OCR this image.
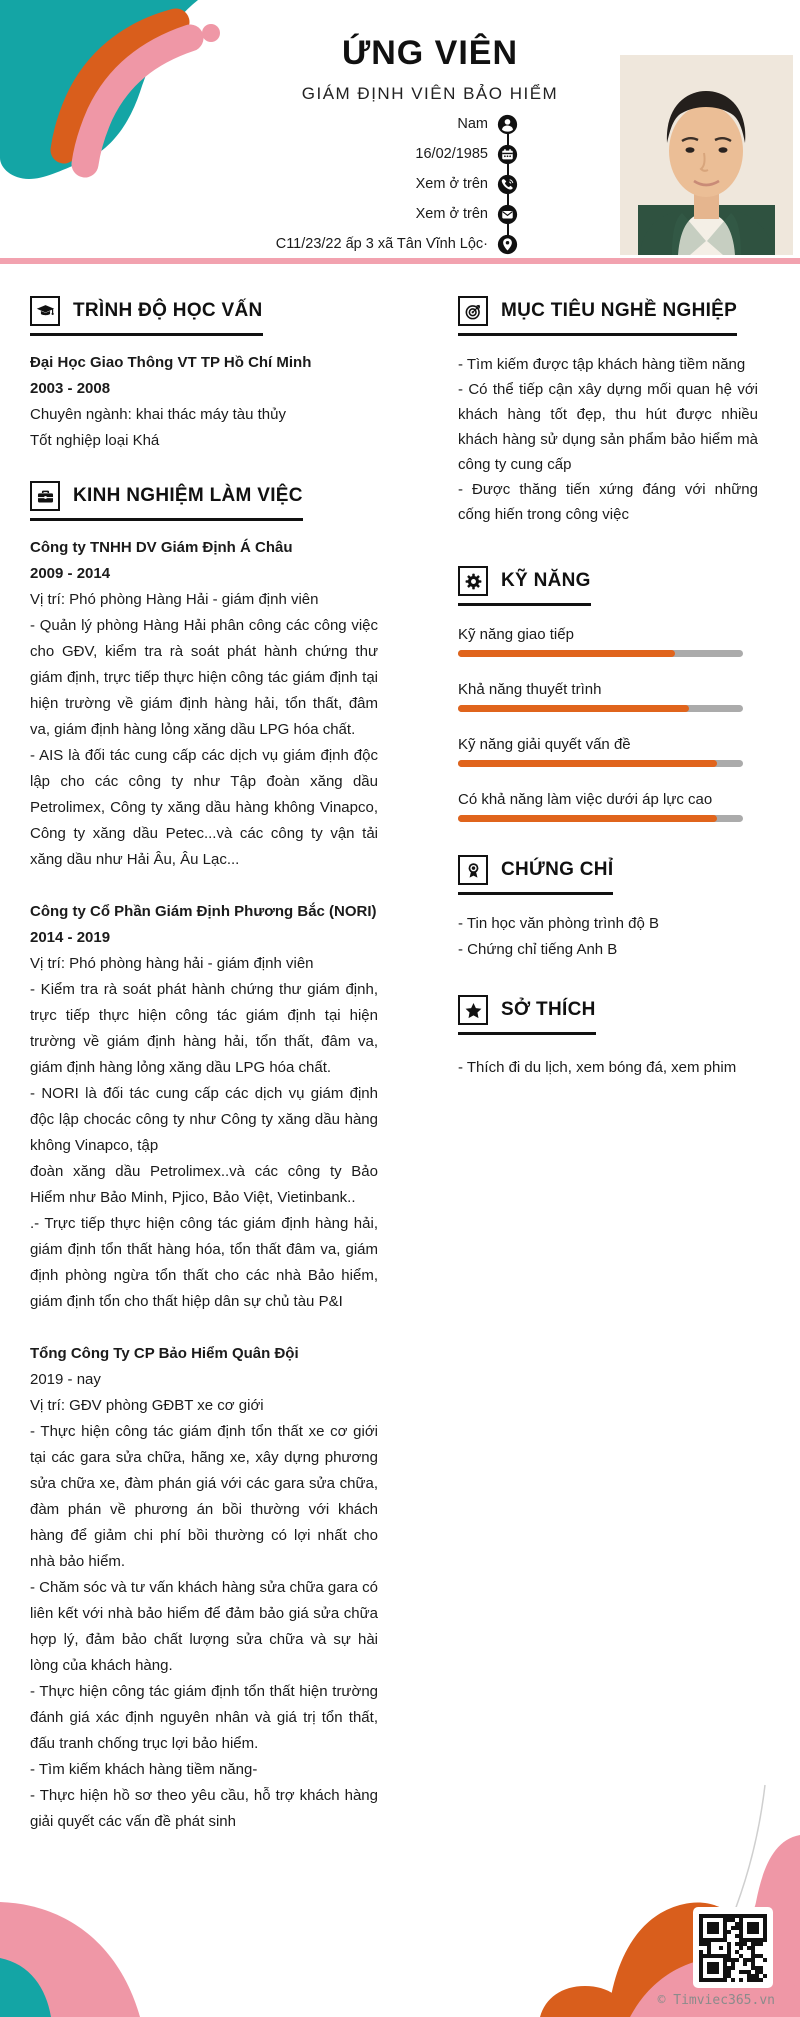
ỨNG VIÊN
GIÁM ĐỊNH VIÊN BẢO HIỂM
Nam
16/02/1985
Xem ở trên
Xem ở trên
C11/23/22 ấp 3 xã Tân Vĩnh Lộc·
TRÌNH ĐỘ HỌC VẤN
Đại Học Giao Thông VT TP Hồ Chí Minh
2003 - 2008
Chuyên ngành: khai thác máy tàu thủy
Tốt nghiệp loại Khá
KINH NGHIỆM LÀM VIỆC
Công ty TNHH DV Giám Định Á Châu
2009 - 2014
Vị trí: Phó phòng Hàng Hải - giám định viên

- Quản lý phòng Hàng Hải phân công các công việc cho GĐV, kiểm tra rà soát phát hành chứng thư giám định, trực tiếp thực hiện công tác giám định tại hiện trường về giám định hàng hải, tổn thất, đâm va, giám định hàng lỏng xăng dầu LPG hóa chất.

- AIS là đối tác cung cấp các dịch vụ giám định độc lập cho các công ty như Tập đoàn xăng dầu Petrolimex, Công ty xăng dầu hàng không Vinapco, Công ty xăng dầu Petec...và các công ty vận tải xăng dầu như Hải Âu, Âu Lạc...

Công ty Cổ Phần Giám Định Phương Bắc (NORI)
2014 - 2019
Vị trí: Phó phòng hàng hải - giám định viên

- Kiểm tra rà soát phát hành chứng thư giám định, trực tiếp thực hiện công tác giám định tại hiện trường về giám định hàng hải, tổn thất, đâm va, giám định hàng lỏng xăng dầu LPG hóa chất.

- NORI là đối tác cung cấp các dịch vụ giám định độc lập chocác công ty như Công ty xăng dầu hàng không Vinapco, tập

đoàn xăng dầu Petrolimex..và các công ty Bảo Hiểm như Bảo Minh, Pjico, Bảo Việt, Vietinbank..

.- Trực tiếp thực hiện công tác giám định hàng hải, giám định tổn thất hàng hóa, tổn thất đâm va, giám định phòng ngừa tổn thất cho các nhà Bảo hiểm, giám định tổn cho thất hiệp dân sự chủ tàu P&I

Tổng Công Ty CP Bảo Hiểm Quân Đội
2019 - nay
Vị trí: GĐV phòng GĐBT xe cơ giới

- Thực hiện công tác giám định tổn thất xe cơ giới tại các gara sửa chữa, hãng xe, xây dựng phương sửa chữa xe, đàm phán giá với các gara sửa chữa, đàm phán về phương án bồi thường với khách hàng để giảm chi phí bồi thường có lợi nhất cho nhà bảo hiểm.

- Chăm sóc và tư vấn khách hàng sửa chữa gara có liên kết với nhà bảo hiểm để đảm bảo giá sửa chữa hợp lý, đảm bảo chất lượng sửa chữa và sự hài lòng của khách hàng.

- Thực hiện công tác giám định tổn thất hiện trường đánh giá xác định nguyên nhân và giá trị tổn thất, đấu tranh chống trục lợi bảo hiểm.

- Tìm kiếm khách hàng tiềm năng-

- Thực hiện hồ sơ theo yêu cầu, hỗ trợ khách hàng giải quyết các vấn đề phát sinh

MỤC TIÊU NGHỀ NGHIỆP

- Tìm kiếm được tập khách hàng tiềm năng

- Có thể tiếp cận xây dựng mối quan hệ với khách hàng tốt đẹp, thu hút được nhiều khách hàng sử dụng sản phẩm bảo hiểm mà công ty cung cấp

- Được thăng tiến xứng đáng với những cống hiến trong công việc

KỸ NĂNG
Kỹ năng giao tiếp
Khả năng thuyết trình
Kỹ năng giải quyết vấn đề
Có khả năng làm việc dưới áp lực cao
CHỨNG CHỈ
- Tin học văn phòng trình độ B
- Chứng chỉ tiếng Anh B
SỞ THÍCH
- Thích đi du lịch, xem bóng đá, xem phim
© Timviec365.vn
